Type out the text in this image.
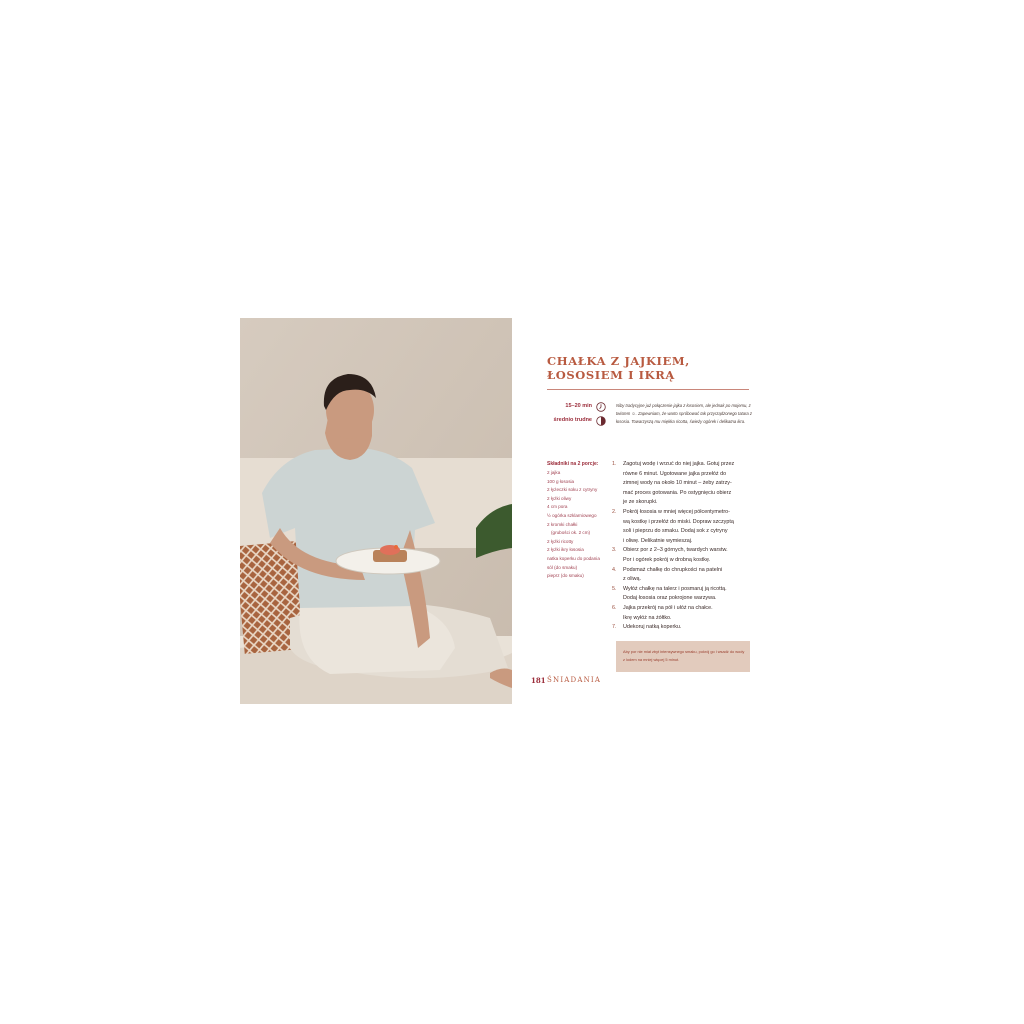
CHAŁKA Z JAJKIEM,
ŁOSOSIEM I IKRĄ
15–20 min
średnio trudne

Niby tradycyjne już połączenie jajka z łososiem, ale jednak po mojemu, z twistem ☺. Zapewniam, że warto spróbować tak przyrządzonego tatara z łososia. Towarzyszą mu miękka ricotta, świeży ogórek i delikatna ikra.

Składniki na 2 porcje:
2 jajka
100 g łososia
2 łyżeczki soku z cytryny
2 łyżki oliwy
4 cm pora
½ ogórka szklarniowego
2 kromki chałki
(grubości ok. 2 cm)
2 łyżki ricotty
2 łyżki ikry łososia
natka koperku do podania
sól (do smaku)
pieprz (do smaku)
1. Zagotuj wodę i wrzuć do niej jajka. Gotuj przez
równe 6 minut. Ugotowane jajka przełóż do
zimnej wody na około 10 minut – żeby zatrzy-
mać proces gotowania. Po ostygnięciu obierz
je ze skorupki.
2. Pokrój łososia w mniej więcej półcentymetro-
wą kostkę i przełóż do miski. Dopraw szczyptą
soli i pieprzu do smaku. Dodaj sok z cytryny
i oliwę. Delikatnie wymieszaj.
3. Obierz por z 2–3 górnych, twardych warstw.
Por i ogórek pokrój w drobną kostkę.
4. Podsmaż chałkę do chrupkości na patelni
z oliwą.
5. Wyłóż chałkę na talerz i posmaruj ją ricottą.
Dodaj łososia oraz pokrojone warzywa.
6. Jajka przekrój na pół i ułóż na chałce.
Ikrę wyłóż na żółtko.
7. Udekoruj natką koperku.

Aby por nie miał zbyt intensywnego smaku, pokrój go i wsadź do wody z lodem na mniej więcej 5 minut.

181 ŚNIADANIA
